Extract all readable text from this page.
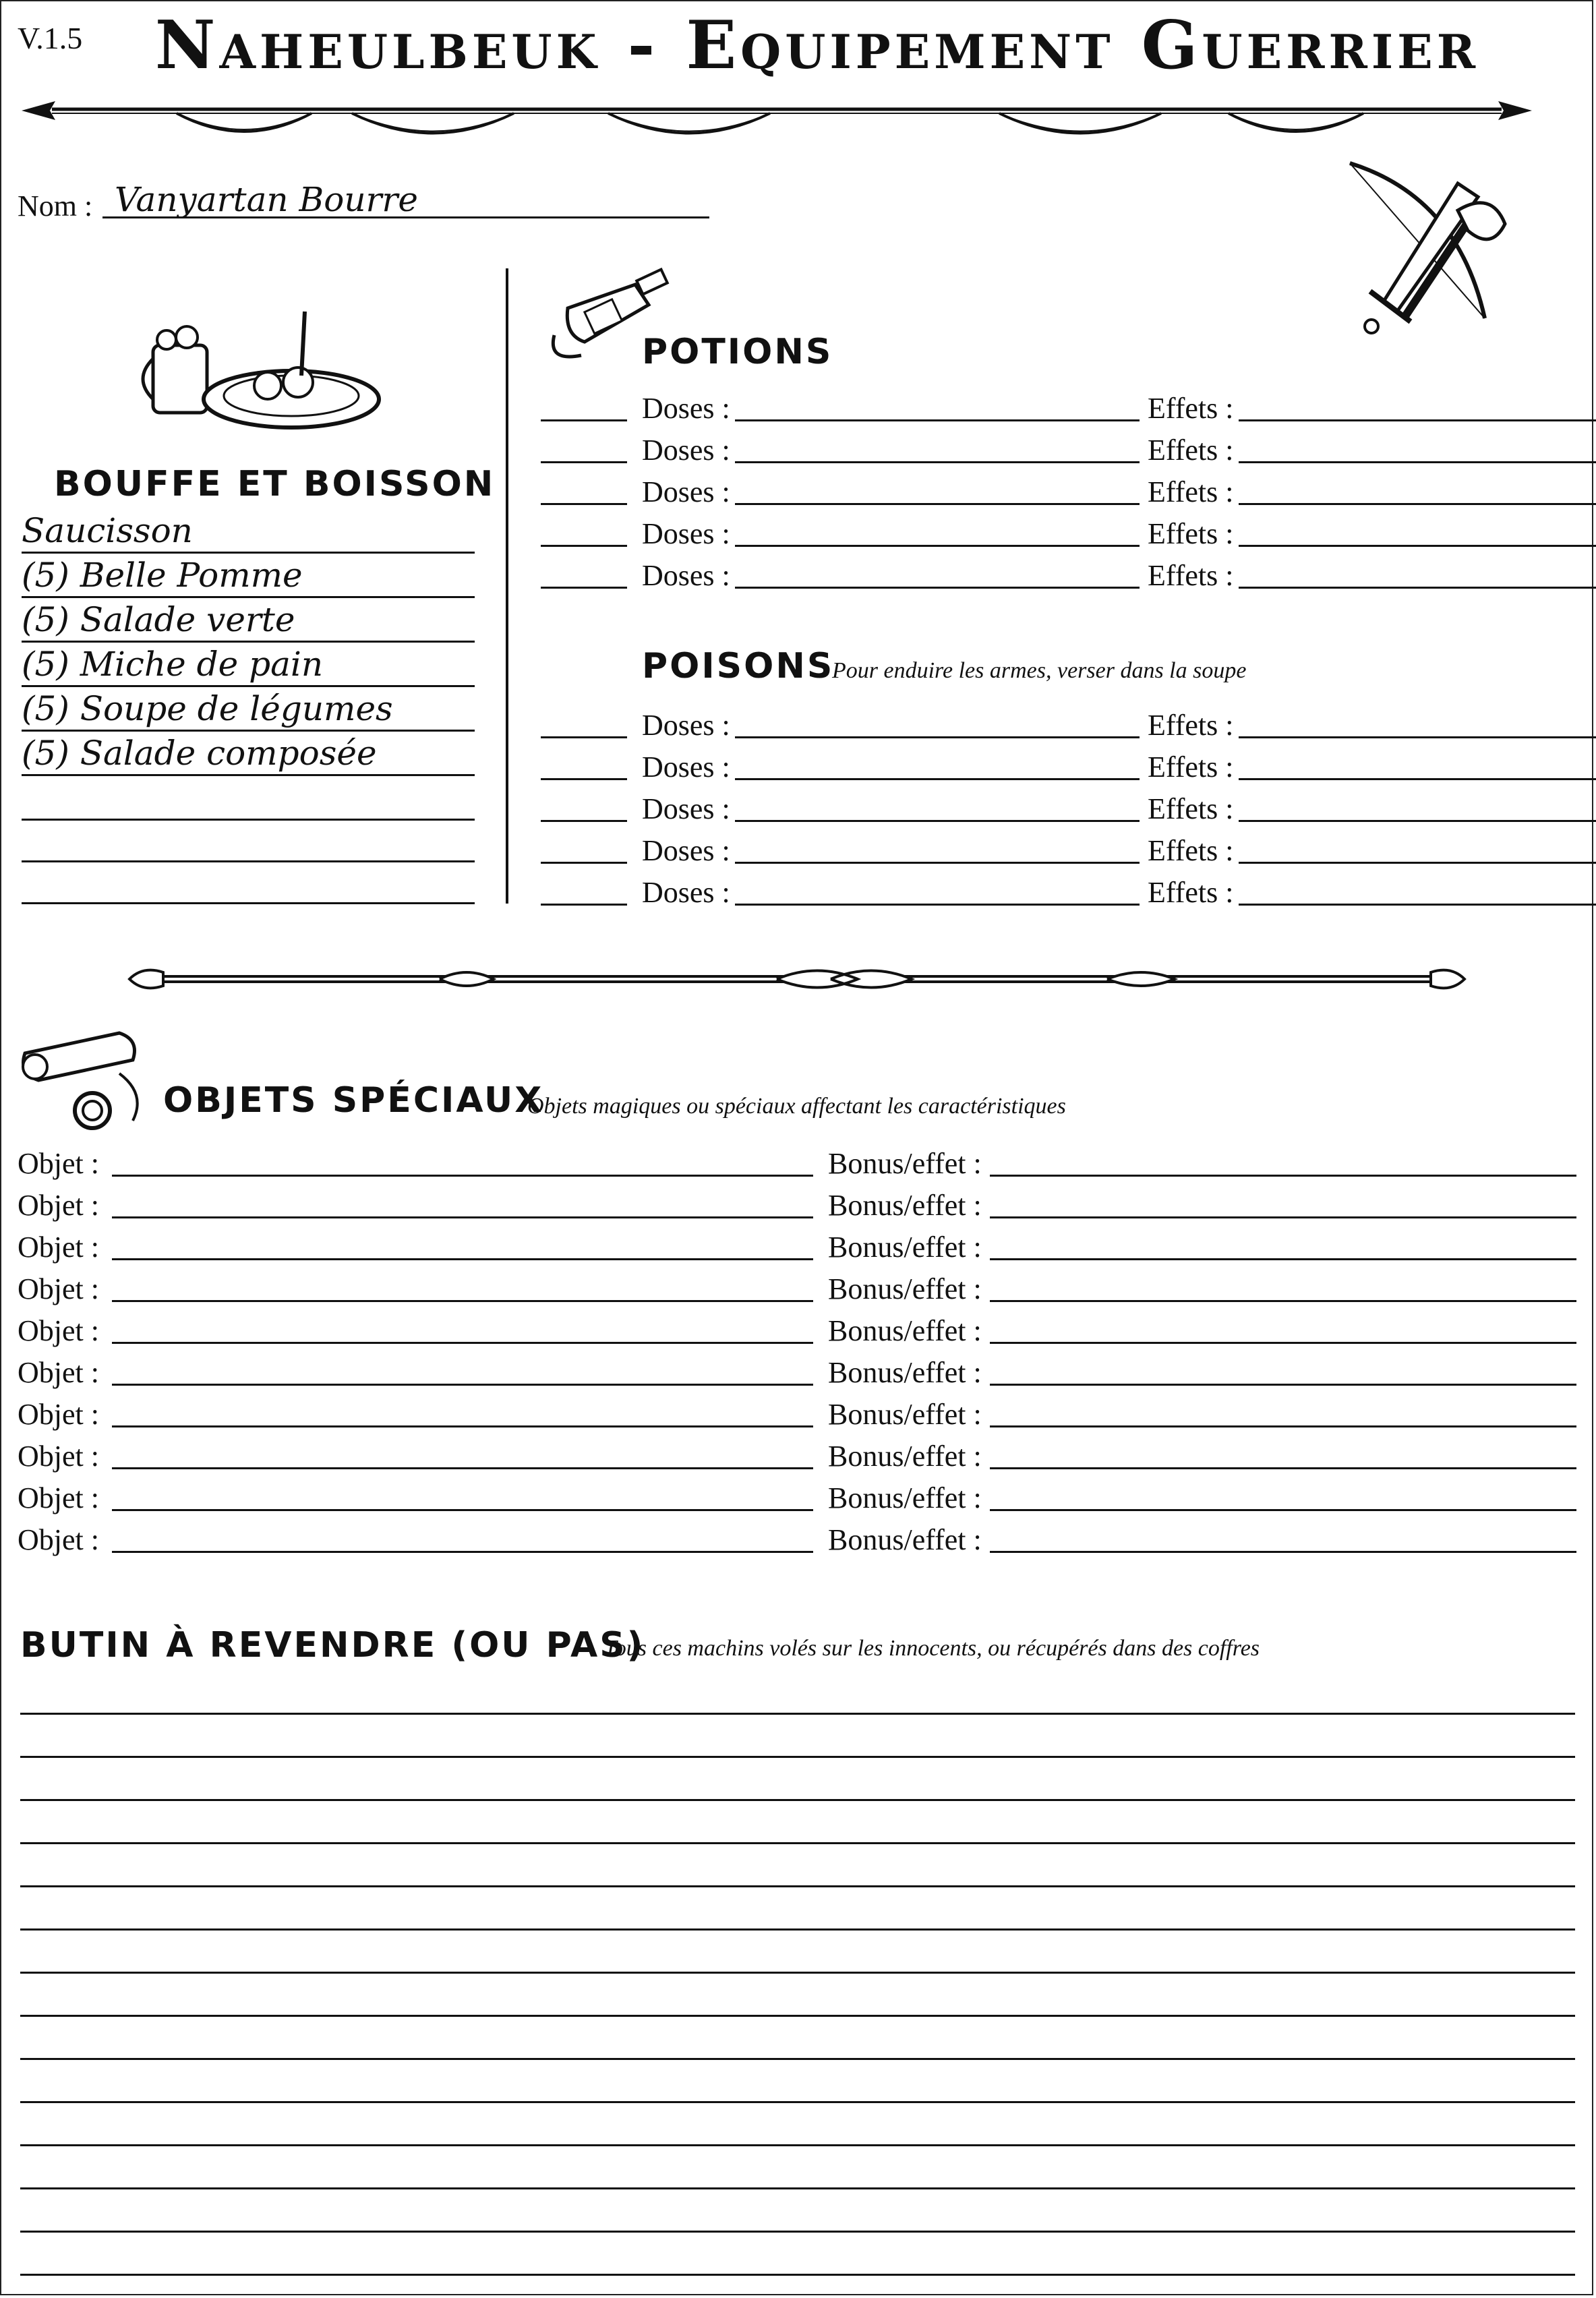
V.1.5 Naheulbeuk - Equipement Guerrier
Nom : Vanyartan Bourre
BOUFFE ET BOISSON
Saucisson
(5) Belle Pomme
(5) Salade verte
(5) Miche de pain
(5) Soupe de légumes
(5) Salade composée
POTIONS
Doses :	Effets :
Doses :	Effets :
Doses :	Effets :
Doses :	Effets :
Doses :	Effets :
POISONS
Pour enduire les armes, verser dans la soupe
Doses :	Effets :
Doses :	Effets :
Doses :	Effets :
Doses :	Effets :
Doses :	Effets :
OBJETS SPÉCIAUX
Objets magiques ou spéciaux affectant les caractéristiques
Objet :	Bonus/effet :
Objet :	Bonus/effet :
Objet :	Bonus/effet :
Objet :	Bonus/effet :
Objet :	Bonus/effet :
Objet :	Bonus/effet :
Objet :	Bonus/effet :
Objet :	Bonus/effet :
Objet :	Bonus/effet :
Objet :	Bonus/effet :
BUTIN À REVENDRE (OU PAS)
Tous ces machins volés sur les innocents, ou récupérés dans des coffres
